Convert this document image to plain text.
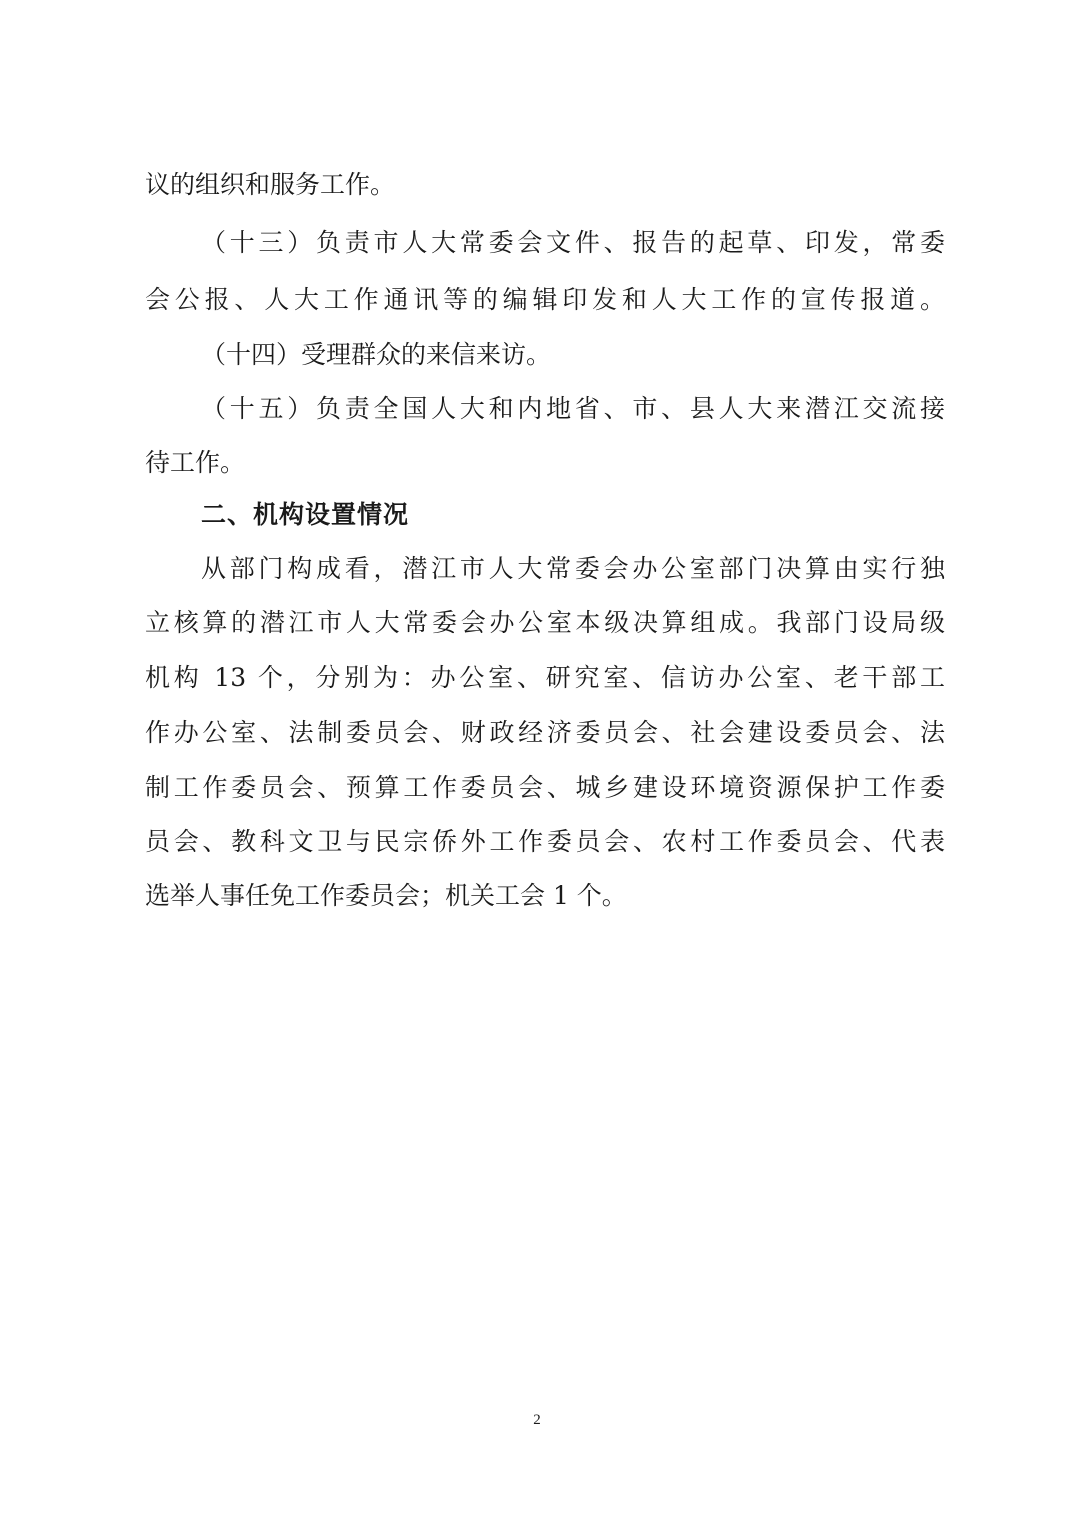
议的组织和服务工作。
（十三）负责市人大常委会文件、报告的起草、印发，常委
会公报、人大工作通讯等的编辑印发和人大工作的宣传报道。
（十四）受理群众的来信来访。
（十五）负责全国人大和内地省、市、县人大来潜江交流接
待工作。
二、机构设置情况
从部门构成看，潜江市人大常委会办公室部门决算由实行独
立核算的潜江市人大常委会办公室本级决算组成。我部门设局级
机构 13 个，分别为：办公室、研究室、信访办公室、老干部工
作办公室、法制委员会、财政经济委员会、社会建设委员会、法
制工作委员会、预算工作委员会、城乡建设环境资源保护工作委
员会、教科文卫与民宗侨外工作委员会、农村工作委员会、代表
选举人事任免工作委员会；机关工会 1 个。
2
